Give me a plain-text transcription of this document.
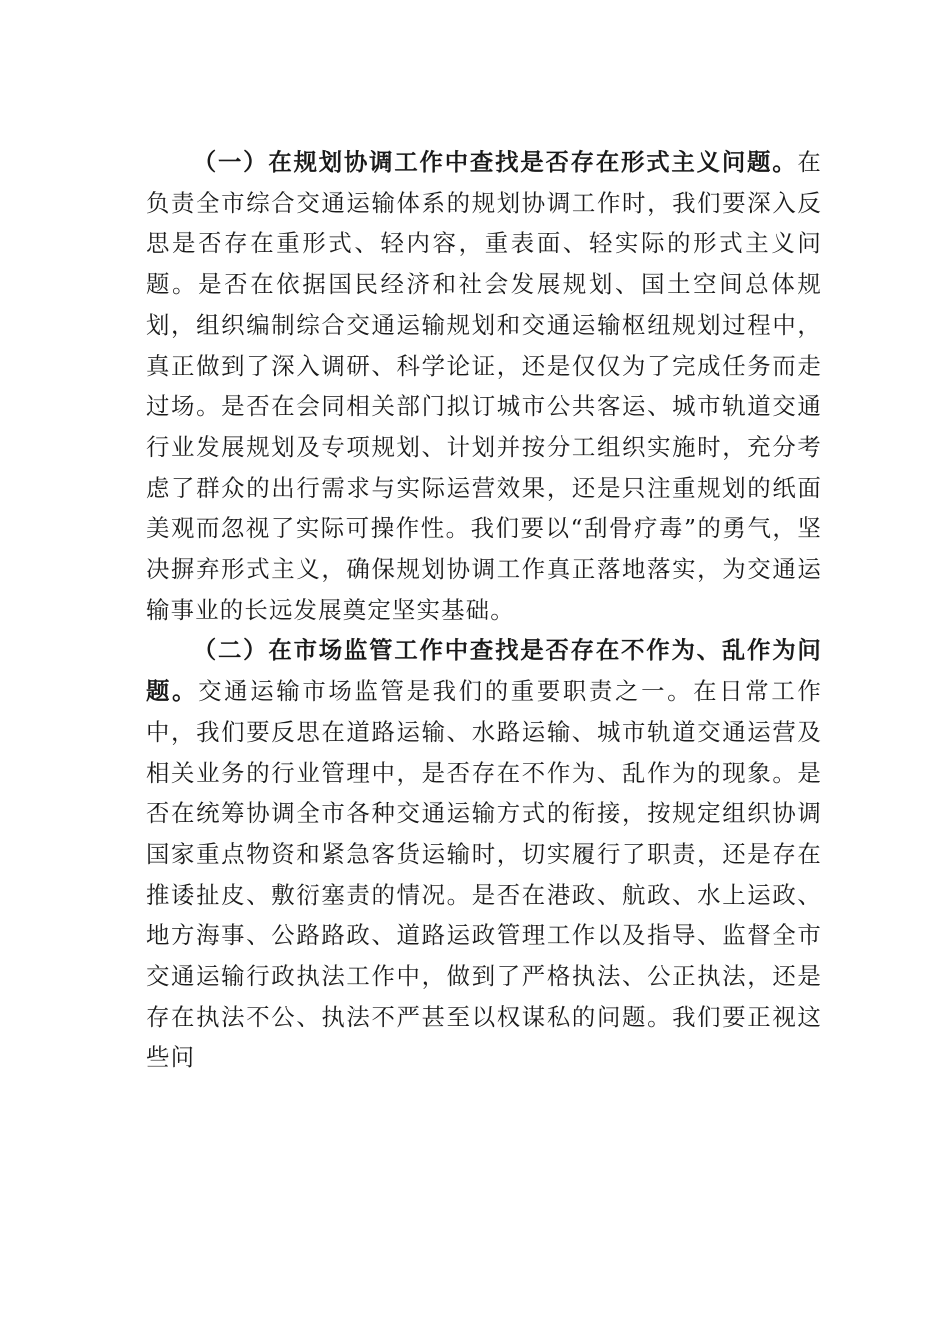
（一）在规划协调工作中查找是否存在形式主义问题。在负责全市综合交通运输体系的规划协调工作时，我们要深入反思是否存在重形式、轻内容，重表面、轻实际的形式主义问题。是否在依据国民经济和社会发展规划、国土空间总体规划，组织编制综合交通运输规划和交通运输枢纽规划过程中，真正做到了深入调研、科学论证，还是仅仅为了完成任务而走过场。是否在会同相关部门拟订城市公共客运、城市轨道交通行业发展规划及专项规划、计划并按分工组织实施时，充分考虑了群众的出行需求与实际运营效果，还是只注重规划的纸面美观而忽视了实际可操作性。我们要以“刮骨疗毒”的勇气，坚决摒弃形式主义，确保规划协调工作真正落地落实，为交通运输事业的长远发展奠定坚实基础。

（二）在市场监管工作中查找是否存在不作为、乱作为问题。交通运输市场监管是我们的重要职责之一。在日常工作中，我们要反思在道路运输、水路运输、城市轨道交通运营及相关业务的行业管理中，是否存在不作为、乱作为的现象。是否在统筹协调全市各种交通运输方式的衔接，按规定组织协调国家重点物资和紧急客货运输时，切实履行了职责，还是存在推诿扯皮、敷衍塞责的情况。是否在港政、航政、水上运政、地方海事、公路路政、道路运政管理工作以及指导、监督全市交通运输行政执法工作中，做到了严格执法、公正执法，还是存在执法不公、执法不严甚至以权谋私的问题。我们要正视这些问
